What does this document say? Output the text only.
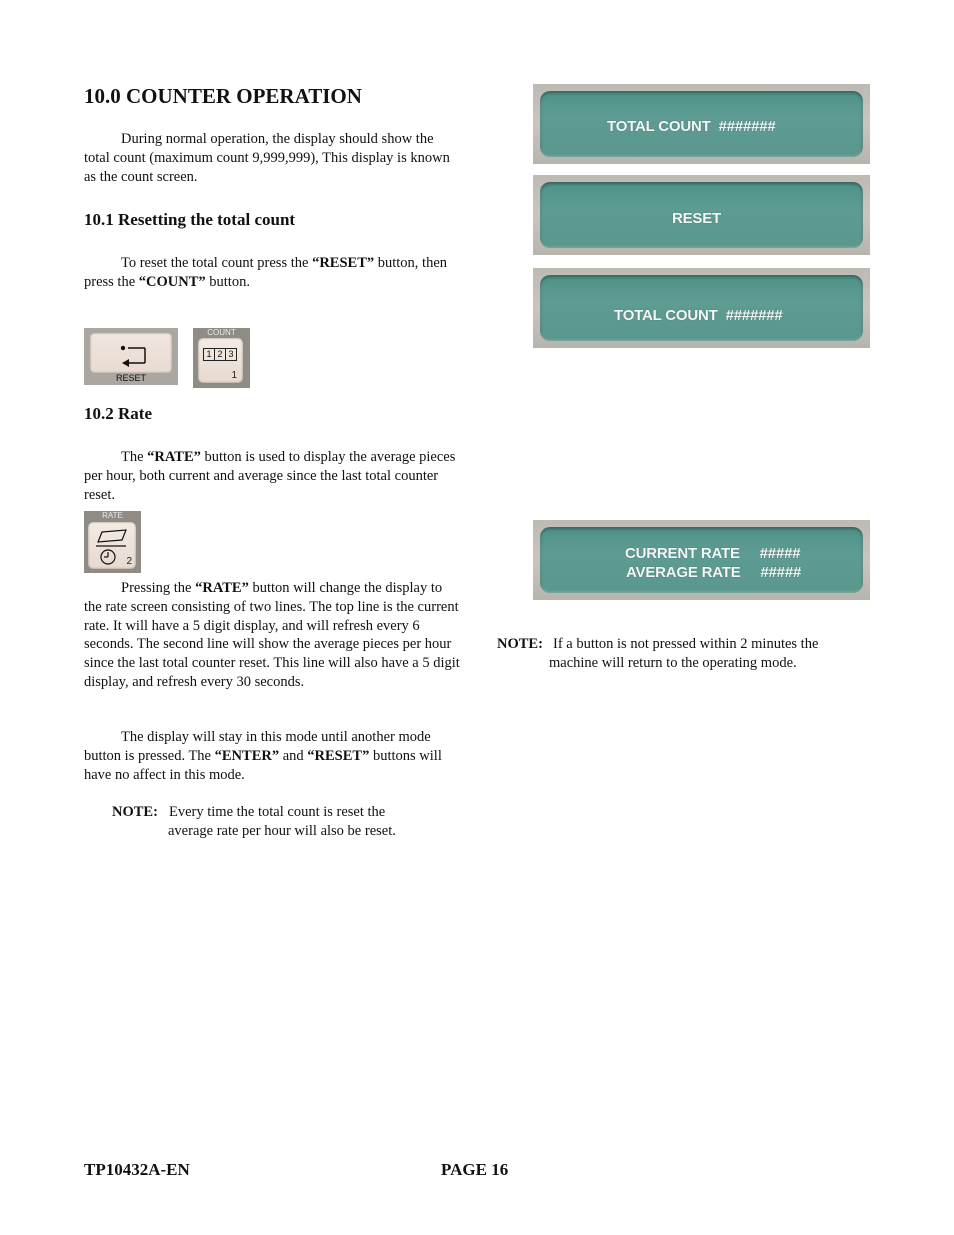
10.0 COUNTER OPERATION
During normal operation, the display should show the total count (maximum count 9,999,999), This display is known as the count screen.
10.1 Resetting the total count
To reset the total count press the “RESET” button, then press the “COUNT” button.
RESET
COUNT
1 2 3
1
10.2 Rate
The “RATE” button is used to display the average pieces per hour, both current and average since the last total counter reset.
RATE
2
Pressing the “RATE” button will change the display to the rate screen consisting of two lines. The top line is the current rate. It will have a 5 digit display, and will refresh every 6 seconds. The second line will show the average pieces per hour since the last total counter reset. This line will also have a 5 digit display, and refresh every 30 seconds.
The display will stay in this mode until another mode button is pressed. The “ENTER” and “RESET” buttons will have no affect in this mode.
NOTE: Every time the total count is reset the
average rate per hour will also be reset.
TOTAL COUNT  #######
RESET
TOTAL COUNT  #######
CURRENT RATE     #####
AVERAGE RATE     #####
NOTE: If a button is not pressed within 2 minutes the
machine will return to the operating mode.
TP10432A-EN	PAGE 16
